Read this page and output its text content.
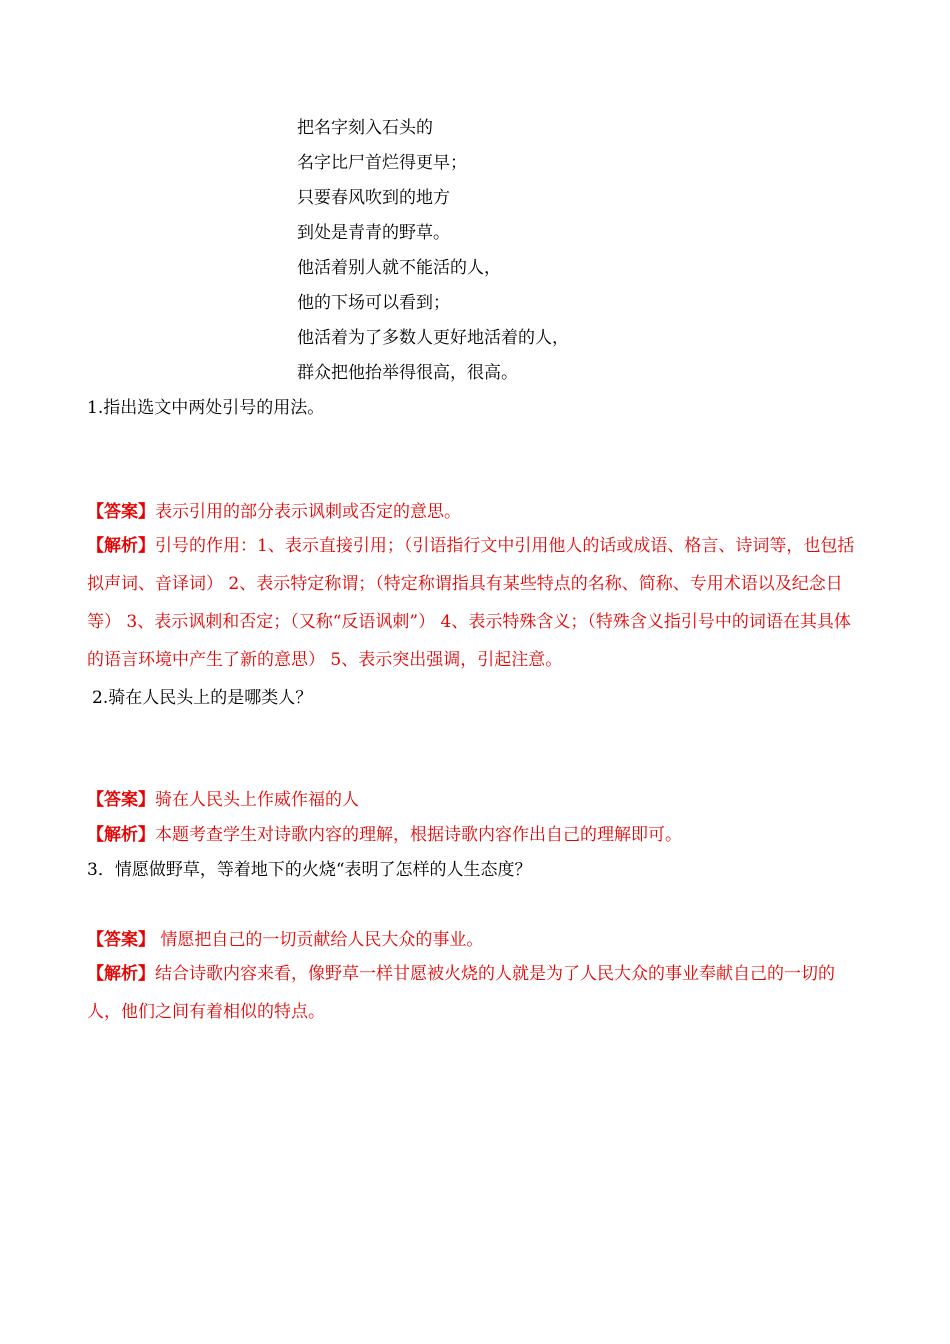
把名字刻入石头的
名字比尸首烂得更早；
只要春风吹到的地方
到处是青青的野草。
他活着别人就不能活的人，
他的下场可以看到；
他活着为了多数人更好地活着的人，
群众把他抬举得很高，很高。
1.指出选文中两处引号的用法。
【答案】表示引用的部分表示讽刺或否定的意思。
【解析】引号的作用：1、表示直接引用；（引语指行文中引用他人的话或成语、格言、诗词等，也包括拟声词、音译词） 2、表示特定称谓；（特定称谓指具有某些特点的名称、简称、专用术语以及纪念日等） 3、表示讽刺和否定；（又称“反语讽刺”） 4、表示特殊含义；（特殊含义指引号中的词语在其具体的语言环境中产生了新的意思） 5、表示突出强调，引起注意。
2.骑在人民头上的是哪类人？
【答案】骑在人民头上作威作福的人
【解析】本题考查学生对诗歌内容的理解，根据诗歌内容作出自己的理解即可。
3．情愿做野草，等着地下的火烧“表明了怎样的人生态度？
【答案】 情愿把自己的一切贡献给人民大众的事业。
【解析】结合诗歌内容来看，像野草一样甘愿被火烧的人就是为了人民大众的事业奉献自己的一切的人，他们之间有着相似的特点。
